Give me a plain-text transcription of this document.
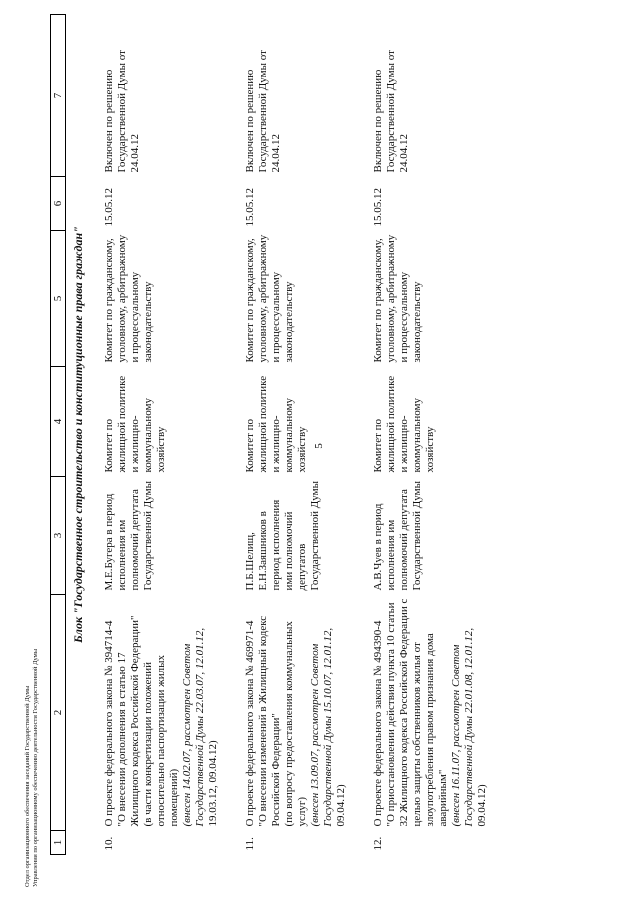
5
1	2	3	4	5	6	7
Блок "Государственное строительство и конституционные права граждан"						
10.	О проекте федерального закона № 394714-4 "О внесении дополнения в статью 17 Жилищного кодекса Российской Федерации" (в части конкретизации положений относительно паспортизации жилых помещений) (внесен 14.02.07, рассмотрен Советом Государственной Думы 22.03.07, 12.01.12, 19.03.12, 09.04.12)	М.Е.Бугера в период исполнения им полномочий депутата Государственной Думы	Комитет по жилищной политике и жилищно-коммунальному хозяйству	Комитет по гражданскому, уголовному, арбитражному и процессуальному законодательству	15.05.12	Включен по решению Государственной Думы от 24.04.12
11.	О проекте федерального закона № 469971-4 "О внесении изменений в Жилищный кодекс Российской Федерации" (по вопросу предоставления коммунальных услуг) (внесен 13.09.07, рассмотрен Советом Государственной Думы 15.10.07, 12.01.12, 09.04.12)	П.Б.Шелищ, Е.Н.Заяшников в период исполнения ими полномочий депутатов Государственной Думы	Комитет по жилищной политике и жилищно-коммунальному хозяйству	Комитет по гражданскому, уголовному, арбитражному и процессуальному законодательству	15.05.12	Включен по решению Государственной Думы от 24.04.12
12.	О проекте федерального закона № 494390-4 "О приостановлении действия пункта 10 статьи 32 Жилищного кодекса Российской Федерации с целью защиты собственников жилья от злоупотребления правом признания дома аварийным" (внесен 16.11.07, рассмотрен Советом Государственной Думы 22.01.08, 12.01.12, 09.04.12)	А.В.Чуев в период исполнения им полномочий депутата Государственной Думы	Комитет по жилищной политике и жилищно-коммунальному хозяйству	Комитет по гражданскому, уголовному, арбитражному и процессуальному законодательству	15.05.12	Включен по решению Государственной Думы от 24.04.12
Отдел организационного обеспечения заседаний Государственной Думы Управления по организационному обеспечению деятельности Государственной Думы
